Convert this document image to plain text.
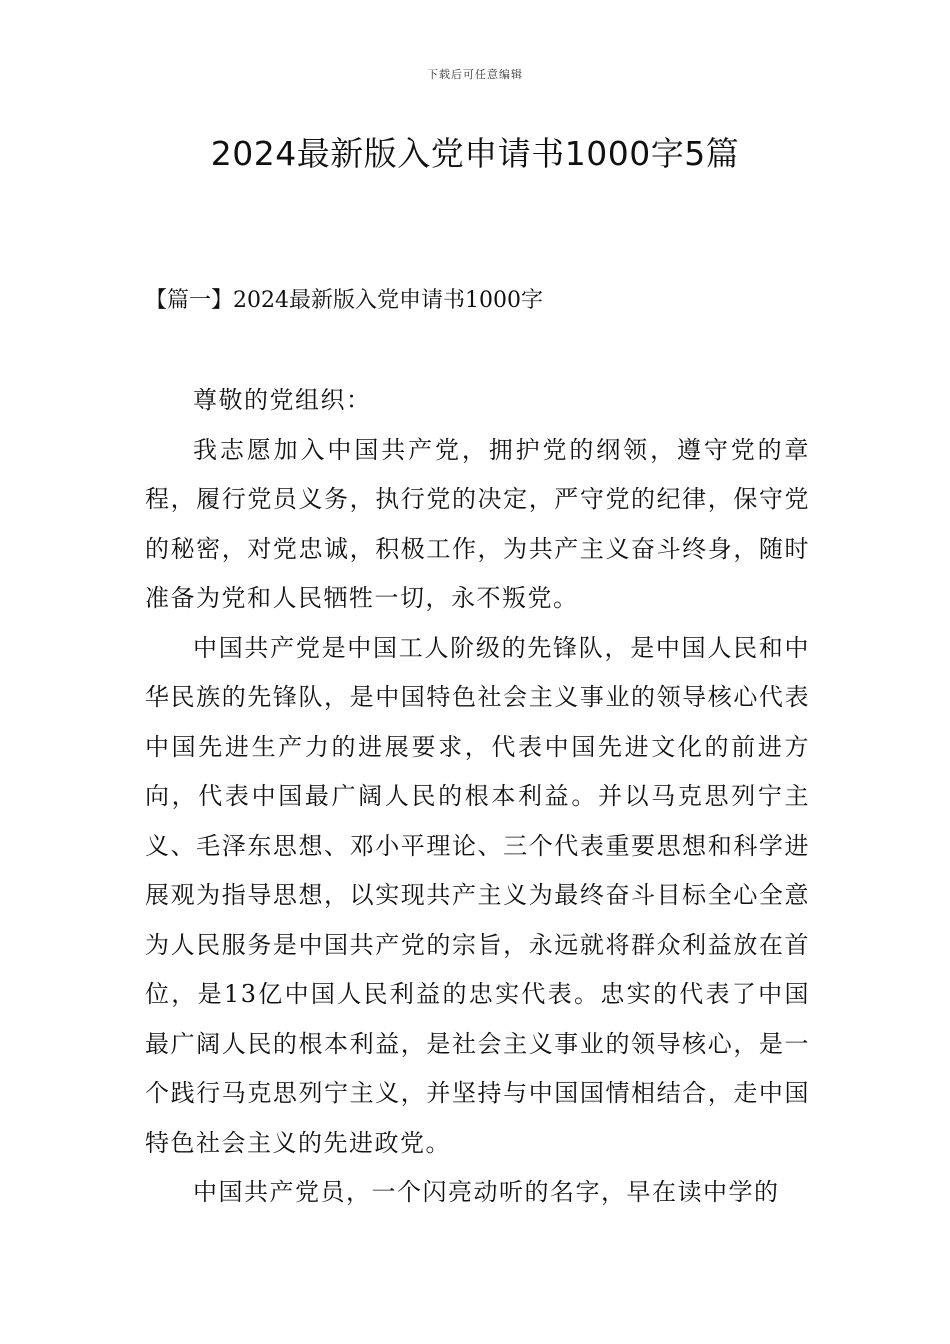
下载后可任意编辑
2024最新版入党申请书1000字5篇
【篇一】2024最新版入党申请书1000字

尊敬的党组织：

我志愿加入中国共产党，拥护党的纲领，遵守党的章程，履行党员义务，执行党的决定，严守党的纪律，保守党的秘密，对党忠诚，积极工作，为共产主义奋斗终身，随时准备为党和人民牺牲一切，永不叛党。

中国共产党是中国工人阶级的先锋队，是中国人民和中华民族的先锋队，是中国特色社会主义事业的领导核心代表中国先进生产力的进展要求，代表中国先进文化的前进方向，代表中国最广阔人民的根本利益。并以马克思列宁主义、毛泽东思想、邓小平理论、三个代表重要思想和科学进展观为指导思想，以实现共产主义为最终奋斗目标全心全意为人民服务是中国共产党的宗旨，永远就将群众利益放在首位，是13亿中国人民利益的忠实代表。忠实的代表了中国最广阔人民的根本利益，是社会主义事业的领导核心，是一个践行马克思列宁主义，并坚持与中国国情相结合，走中国特色社会主义的先进政党。

中国共产党员，一个闪亮动听的名字，早在读中学的
